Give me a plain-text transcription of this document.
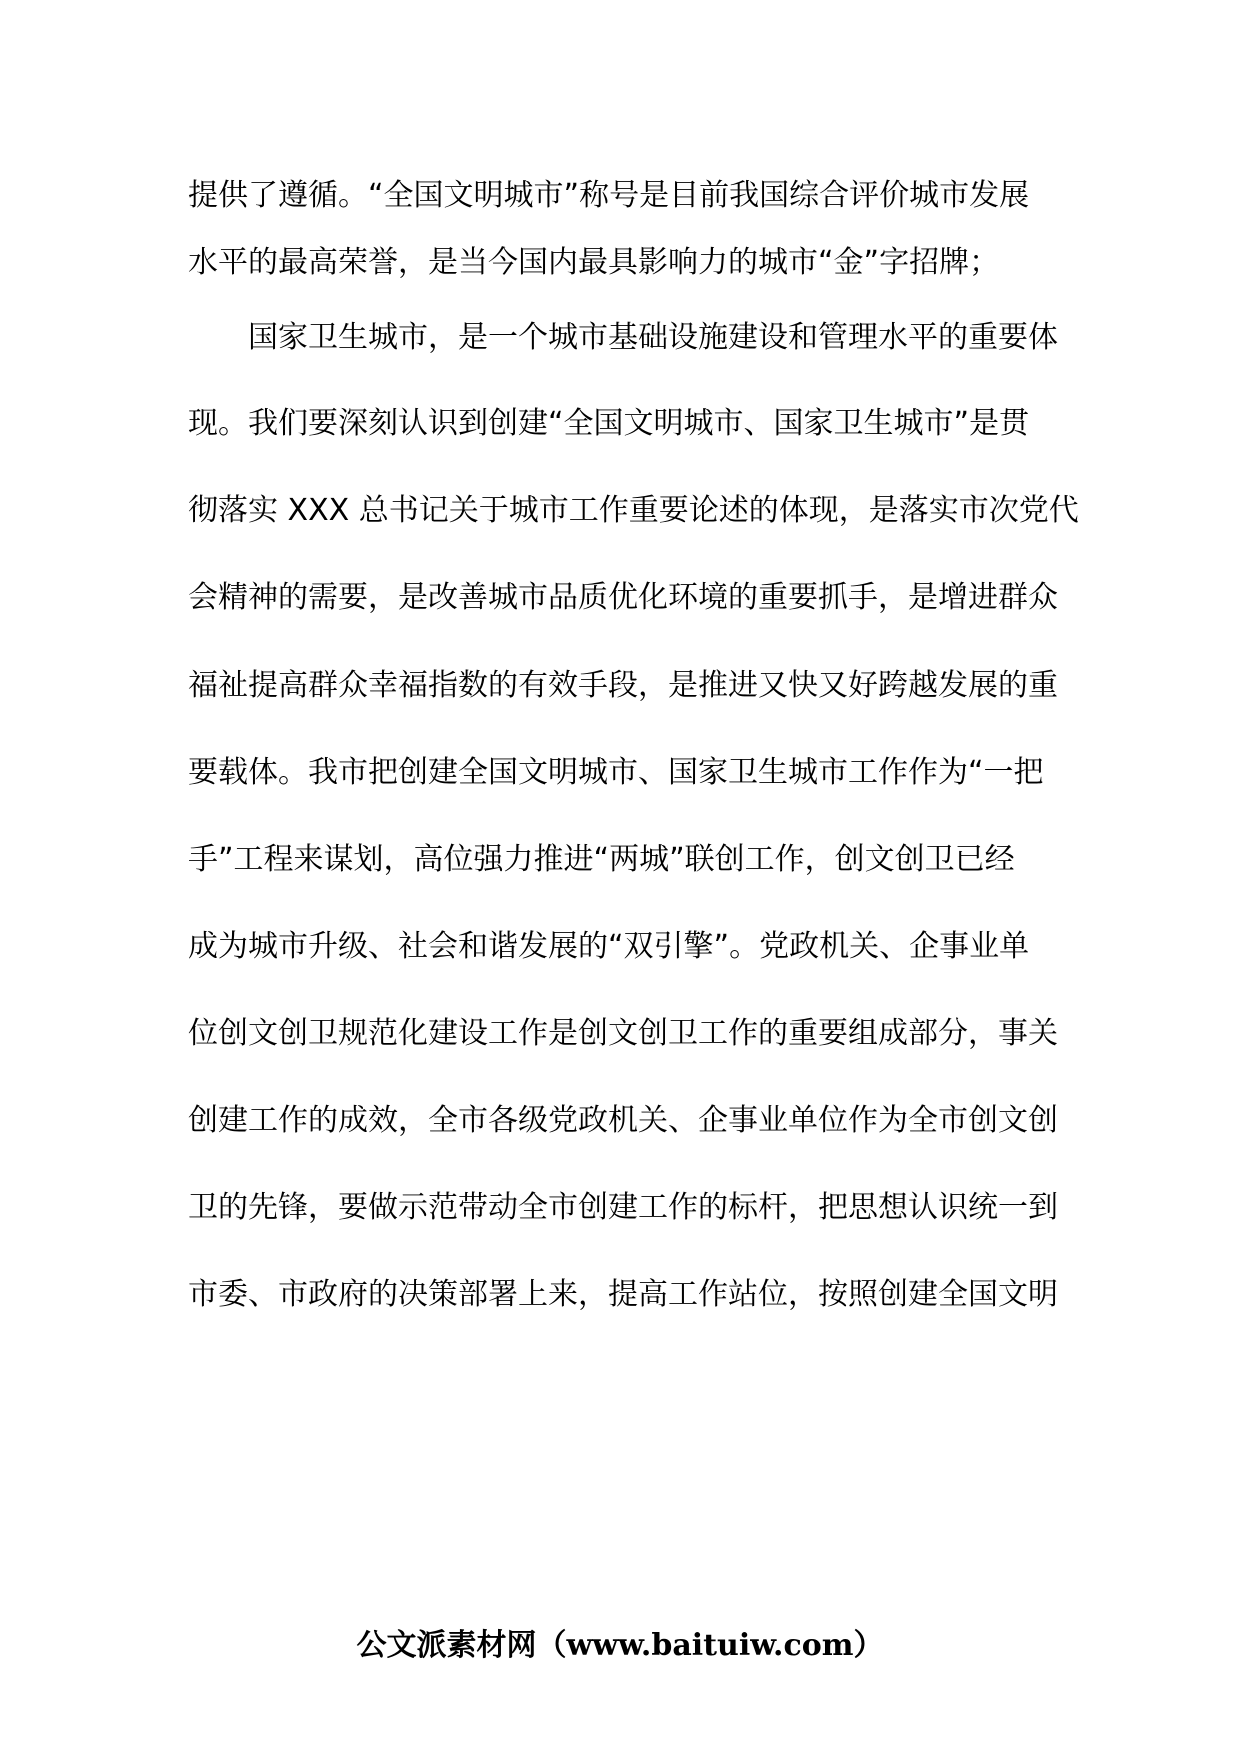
提供了遵循。“全国文明城市”称号是目前我国综合评价城市发展
水平的最高荣誉，是当今国内最具影响力的城市“金”字招牌；
国家卫生城市，是一个城市基础设施建设和管理水平的重要体
现。我们要深刻认识到创建“全国文明城市、国家卫生城市”是贯
彻落实 XXX 总书记关于城市工作重要论述的体现，是落实市次党代
会精神的需要，是改善城市品质优化环境的重要抓手，是增进群众
福祉提高群众幸福指数的有效手段，是推进又快又好跨越发展的重
要载体。我市把创建全国文明城市、国家卫生城市工作作为“一把
手”工程来谋划，高位强力推进“两城”联创工作，创文创卫已经
成为城市升级、社会和谐发展的“双引擎”。党政机关、企事业单
位创文创卫规范化建设工作是创文创卫工作的重要组成部分，事关
创建工作的成效，全市各级党政机关、企事业单位作为全市创文创
卫的先锋，要做示范带动全市创建工作的标杆，把思想认识统一到
市委、市政府的决策部署上来，提高工作站位，按照创建全国文明
公文派素材网（www.baituiw.com）
